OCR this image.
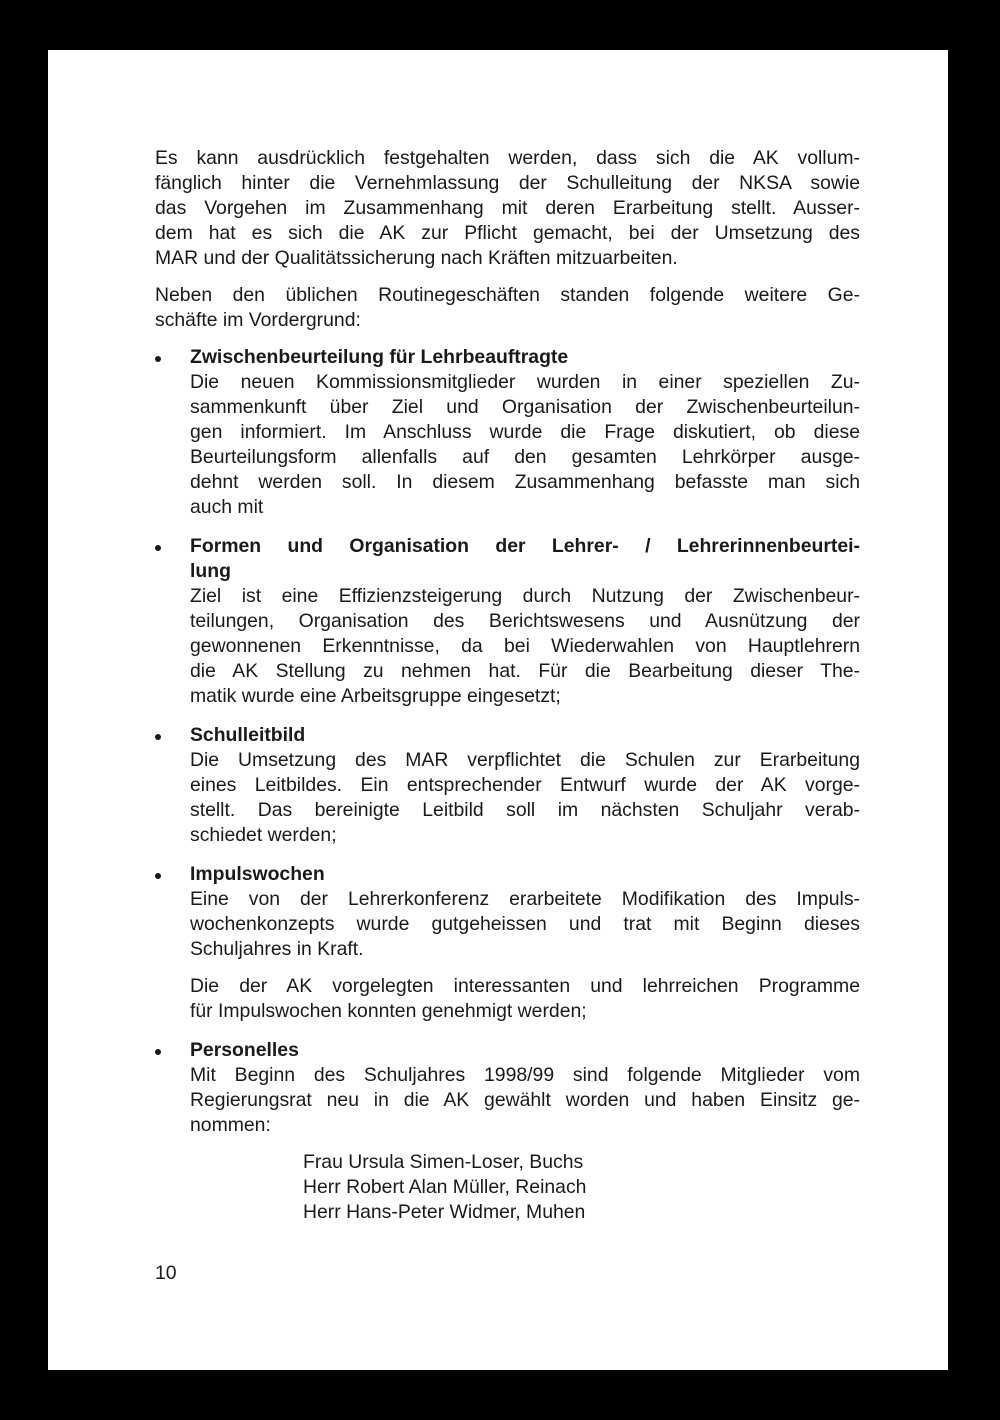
Es kann ausdrücklich festgehalten werden, dass sich die AK vollum-
fänglich hinter die Vernehmlassung der Schulleitung der NKSA sowie
das Vorgehen im Zusammenhang mit deren Erarbeitung stellt. Ausser-
dem hat es sich die AK zur Pflicht gemacht, bei der Umsetzung des
MAR und der Qualitätssicherung nach Kräften mitzuarbeiten.
Neben den üblichen Routinegeschäften standen folgende weitere Ge-
schäfte im Vordergrund:
Zwischenbeurteilung für Lehrbeauftragte
Die neuen Kommissionsmitglieder wurden in einer speziellen Zu-
sammenkunft über Ziel und Organisation der Zwischenbeurteilun-
gen informiert. Im Anschluss wurde die Frage diskutiert, ob diese
Beurteilungsform allenfalls auf den gesamten Lehrkörper ausge-
dehnt werden soll. In diesem Zusammenhang befasste man sich
auch mit
Formen und Organisation der Lehrer- / Lehrerinnenbeurtei-
lung
Ziel ist eine Effizienzsteigerung durch Nutzung der Zwischenbeur-
teilungen, Organisation des Berichtswesens und Ausnützung der
gewonnenen Erkenntnisse, da bei Wiederwahlen von Hauptlehrern
die AK Stellung zu nehmen hat. Für die Bearbeitung dieser The-
matik wurde eine Arbeitsgruppe eingesetzt;
Schulleitbild
Die Umsetzung des MAR verpflichtet die Schulen zur Erarbeitung
eines Leitbildes. Ein entsprechender Entwurf wurde der AK vorge-
stellt. Das bereinigte Leitbild soll im nächsten Schuljahr verab-
schiedet werden;
Impulswochen
Eine von der Lehrerkonferenz erarbeitete Modifikation des Impuls-
wochenkonzepts wurde gutgeheissen und trat mit Beginn dieses
Schuljahres in Kraft.
Die der AK vorgelegten interessanten und lehrreichen Programme
für Impulswochen konnten genehmigt werden;
Personelles
Mit Beginn des Schuljahres 1998/99 sind folgende Mitglieder vom
Regierungsrat neu in die AK gewählt worden und haben Einsitz ge-
nommen:
Frau Ursula Simen-Loser, Buchs
Herr Robert Alan Müller, Reinach
Herr Hans-Peter Widmer, Muhen
10
